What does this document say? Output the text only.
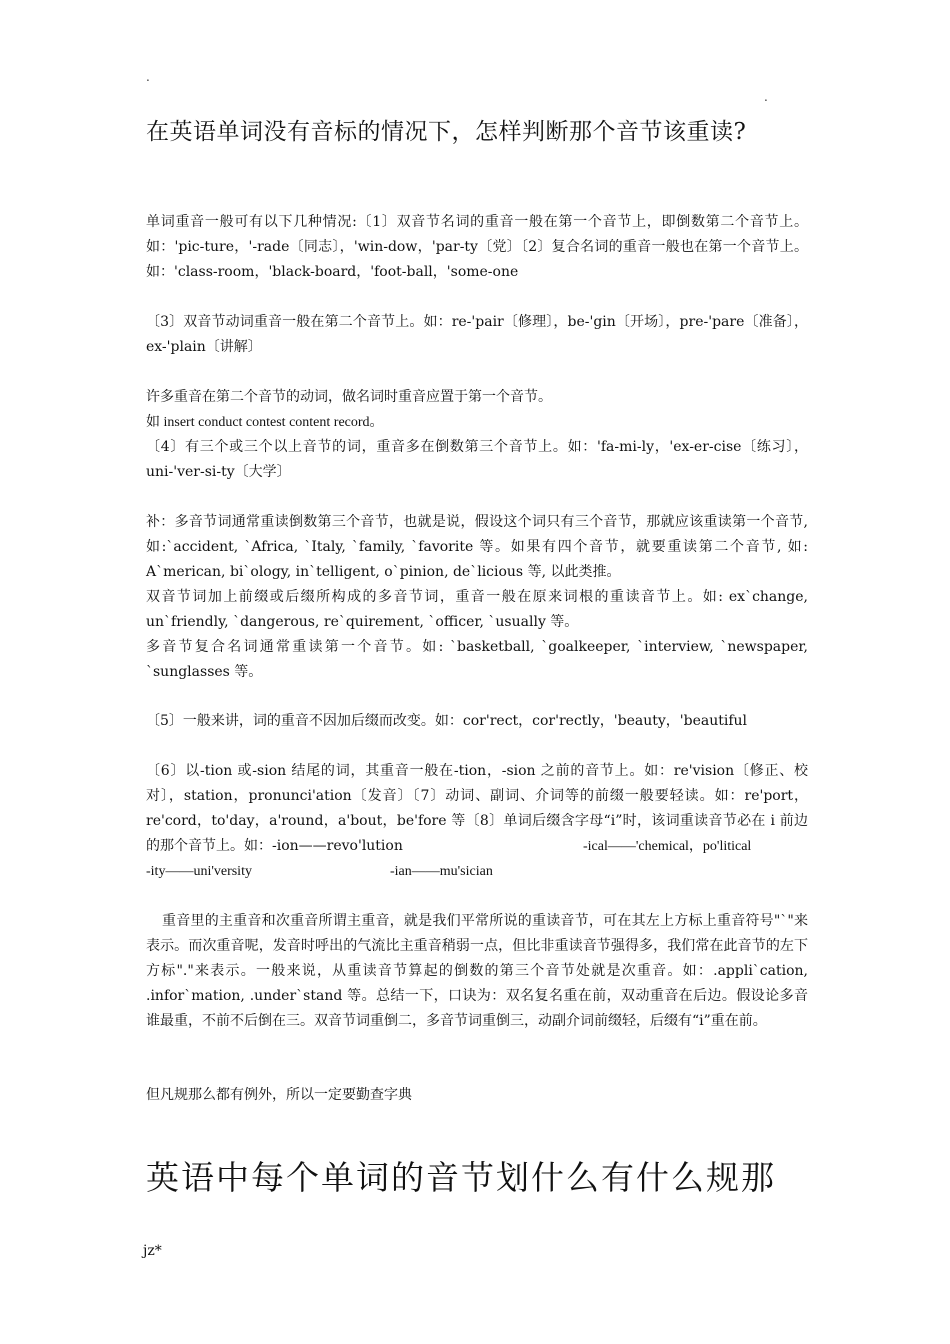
.
.
在英语单词没有音标的情况下，怎样判断那个音节该重读?
单词重音一般可有以下几种情况:〔1〕双音节名词的重音一般在第一个音节上，即倒数第二个音节上。如：'pic-ture，'-rade〔同志〕，'win-dow，'par-ty〔党〕〔2〕复合名词的重音一般也在第一个音节上。如：'class-room，'black-board，'foot-ball，'some-one
〔3〕双音节动词重音一般在第二个音节上。如：re-'pair〔修理〕，be-'gin〔开场〕，pre-'pare〔准备〕，ex-'plain〔讲解〕
许多重音在第二个音节的动词，做名词时重音应置于第一个音节。
如 insert conduct contest content record。
〔4〕有三个或三个以上音节的词，重音多在倒数第三个音节上。如：'fa-mi-ly，'ex-er-cise〔练习〕，uni-'ver-si-ty〔大学〕
补：多音节词通常重读倒数第三个音节，也就是说，假设这个词只有三个音节，那就应该重读第一个音节,如:`accident, `Africa, `Italy, `family, `favorite 等。如果有四个音节，就要重读第二个音节, 如: A`merican, bi`ology, in`telligent, o`pinion, de`licious 等, 以此类推。
双音节词加上前缀或后缀所构成的多音节词，重音一般在原来词根的重读音节上。如: ex`change, un`friendly, `dangerous, re`quirement, `officer, `usually 等。
多音节复合名词通常重读第一个音节。如: `basketball, `goalkeeper, `interview, `newspaper, `sunglasses 等。
〔5〕一般来讲，词的重音不因加后缀而改变。如：cor'rect，cor'rectly，'beauty，'beautiful
〔6〕以-tion 或-sion 结尾的词，其重音一般在-tion，-sion 之前的音节上。如：re'vision〔修正、校对〕，station，pronunci'ation〔发音〕〔7〕动词、副词、介词等的前缀一般要轻读。如：re'port，re'cord，to'day，a'round，a'bout，be'fore 等〔8〕单词后缀含字母“i”时，该词重读音节必在 i 前边的那个音节上。如：-ion——revo'lution	-ical——'chemical，po'litical
-ity——uni'versity	-ian——mu'sician
重音里的主重音和次重音所谓主重音，就是我们平常所说的重读音节，可在其左上方标上重音符号"`"来表示。而次重音呢，发音时呼出的气流比主重音稍弱一点，但比非重读音节强得多，我们常在此音节的左下方标"."来表示。一般来说，从重读音节算起的倒数的第三个音节处就是次重音。如：.appli`cation, .infor`mation, .under`stand 等。总结一下，口诀为：双名复名重在前，双动重音在后边。假设论多音谁最重，不前不后倒在三。双音节词重倒二，多音节词重倒三，动副介词前缀轻，后缀有“i”重在前。
但凡规那么都有例外，所以一定要勤查字典
英语中每个单词的音节划什么有什么规那
jz*
